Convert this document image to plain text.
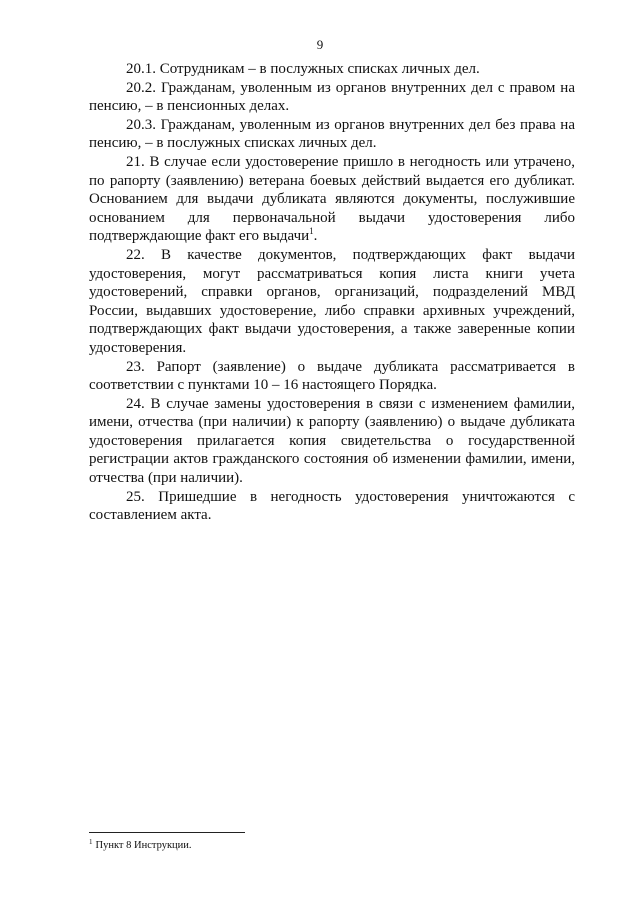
9

20.1. Сотрудникам – в послужных списках личных дел.

20.2. Гражданам, уволенным из органов внутренних дел с правом на пенсию, – в пенсионных делах.

20.3. Гражданам, уволенным из органов внутренних дел без права на пенсию, – в послужных списках личных дел.

21. В случае если удостоверение пришло в негодность или утрачено, по рапорту (заявлению) ветерана боевых действий выдается его дубликат. Основанием для выдачи дубликата являются документы, послужившие основанием для первоначальной выдачи удостоверения либо подтверждающие факт его выдачи$^1$.

22. В качестве документов, подтверждающих факт выдачи удостоверения, могут рассматриваться копия листа книги учета удостоверений, справки органов, организаций, подразделений МВД России, выдавших удостоверение, либо справки архивных учреждений, подтверждающих факт выдачи удостоверения, а также заверенные копии удостоверения.

23. Рапорт (заявление) о выдаче дубликата рассматривается в соответствии с пунктами 10 – 16 настоящего Порядка.

24. В случае замены удостоверения в связи с изменением фамилии, имени, отчества (при наличии) к рапорту (заявлению) о выдаче дубликата удостоверения прилагается копия свидетельства о государственной регистрации актов гражданского состояния об изменении фамилии, имени, отчества (при наличии).

25. Пришедшие в негодность удостоверения уничтожаются с составлением акта.

$^1$ Пункт 8 Инструкции.
